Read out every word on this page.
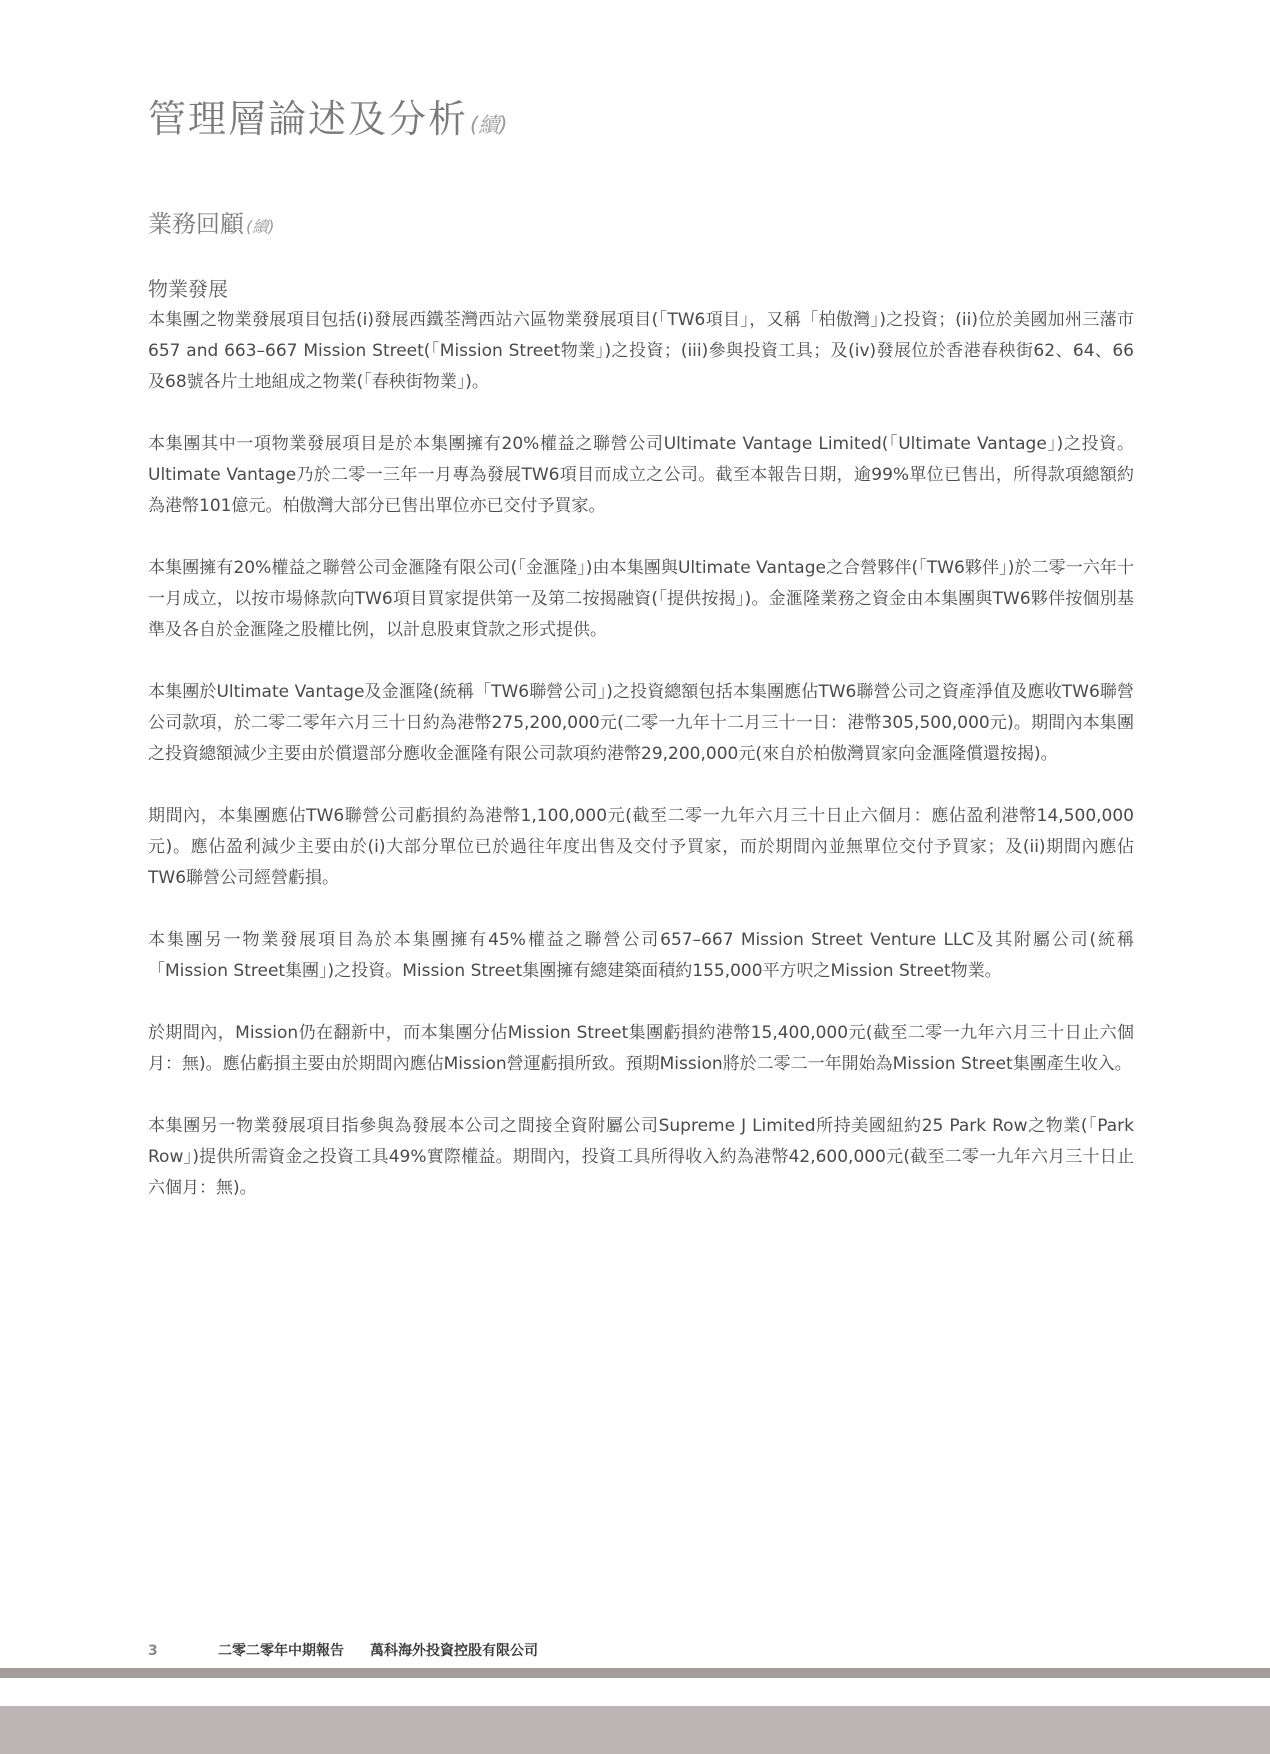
管理層論述及分析(續)
業務回顧 (續)
物業發展

本集團之物業發展項目包括(i)發展西鐵荃灣西站六區物業發展項目(「TW6項目」，又稱「柏傲灣」)之投資；(ii)位於美國加州三藩市657 and 663–667 Mission Street(「Mission Street物業」)之投資；(iii)參與投資工具；及(iv)發展位於香港春秧街62、64、66及68號各片土地組成之物業(「春秧街物業」)。

本集團其中一項物業發展項目是於本集團擁有20%權益之聯營公司Ultimate Vantage Limited(「Ultimate Vantage」)之投資。Ultimate Vantage乃於二零一三年一月專為發展TW6項目而成立之公司。截至本報告日期，逾99%單位已售出，所得款項總額約為港幣101億元。柏傲灣大部分已售出單位亦已交付予買家。

本集團擁有20%權益之聯營公司金滙隆有限公司(「金滙隆」)由本集團與Ultimate Vantage之合營夥伴(「TW6夥伴」)於二零一六年十一月成立，以按市場條款向TW6項目買家提供第一及第二按揭融資(「提供按揭」)。金滙隆業務之資金由本集團與TW6夥伴按個別基準及各自於金滙隆之股權比例，以計息股東貸款之形式提供。

本集團於Ultimate Vantage及金滙隆(統稱「TW6聯營公司」)之投資總額包括本集團應佔TW6聯營公司之資產淨值及應收TW6聯營公司款項，於二零二零年六月三十日約為港幣275,200,000元(二零一九年十二月三十一日：港幣305,500,000元)。期間內本集團之投資總額減少主要由於償還部分應收金滙隆有限公司款項約港幣29,200,000元(來自於柏傲灣買家向金滙隆償還按揭)。

期間內，本集團應佔TW6聯營公司虧損約為港幣1,100,000元(截至二零一九年六月三十日止六個月：應佔盈利港幣14,500,000元)。應佔盈利減少主要由於(i)大部分單位已於過往年度出售及交付予買家，而於期間內並無單位交付予買家；及(ii)期間內應佔TW6聯營公司經營虧損。

本集團另一物業發展項目為於本集團擁有45%權益之聯營公司657–667 Mission Street Venture LLC及其附屬公司(統稱「Mission Street集團」)之投資。Mission Street集團擁有總建築面積約155,000平方呎之Mission Street物業。

於期間內，Mission仍在翻新中，而本集團分佔Mission Street集團虧損約港幣15,400,000元(截至二零一九年六月三十日止六個月：無)。應佔虧損主要由於期間內應佔Mission營運虧損所致。預期Mission將於二零二一年開始為Mission Street集團產生收入。

本集團另一物業發展項目指參與為發展本公司之間接全資附屬公司Supreme J Limited所持美國紐約25 Park Row之物業(「Park Row」)提供所需資金之投資工具49%實際權益。期間內，投資工具所得收入約為港幣42,600,000元(截至二零一九年六月三十日止六個月：無)。

3	二零二零年中期報告 萬科海外投資控股有限公司
